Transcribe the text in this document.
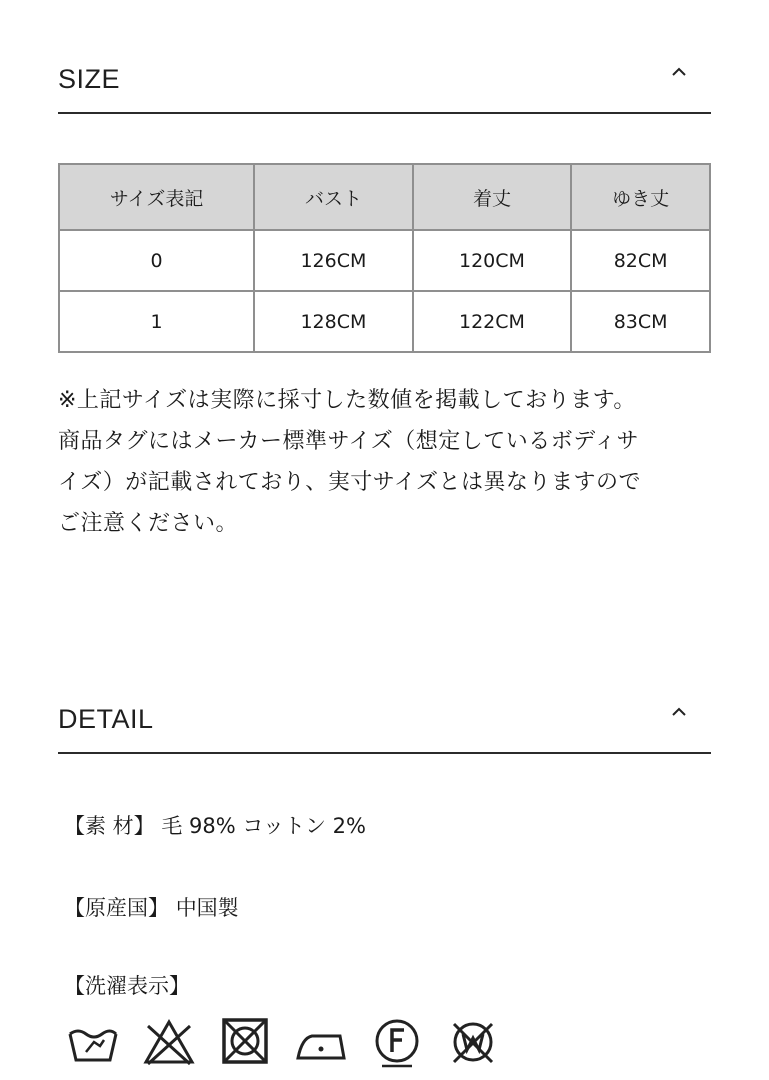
SIZE
サイズ表記	バスト	着丈	ゆき丈
0	126CM	120CM	82CM
1	128CM	122CM	83CM
※上記サイズは実際に採寸した数値を掲載しております。
商品タグにはメーカー標準サイズ（想定しているボディサ
イズ）が記載されており、実寸サイズとは異なりますので
ご注意ください。
DETAIL
【素 材】 毛 98% コットン 2%
【原産国】 中国製
【洗濯表示】
